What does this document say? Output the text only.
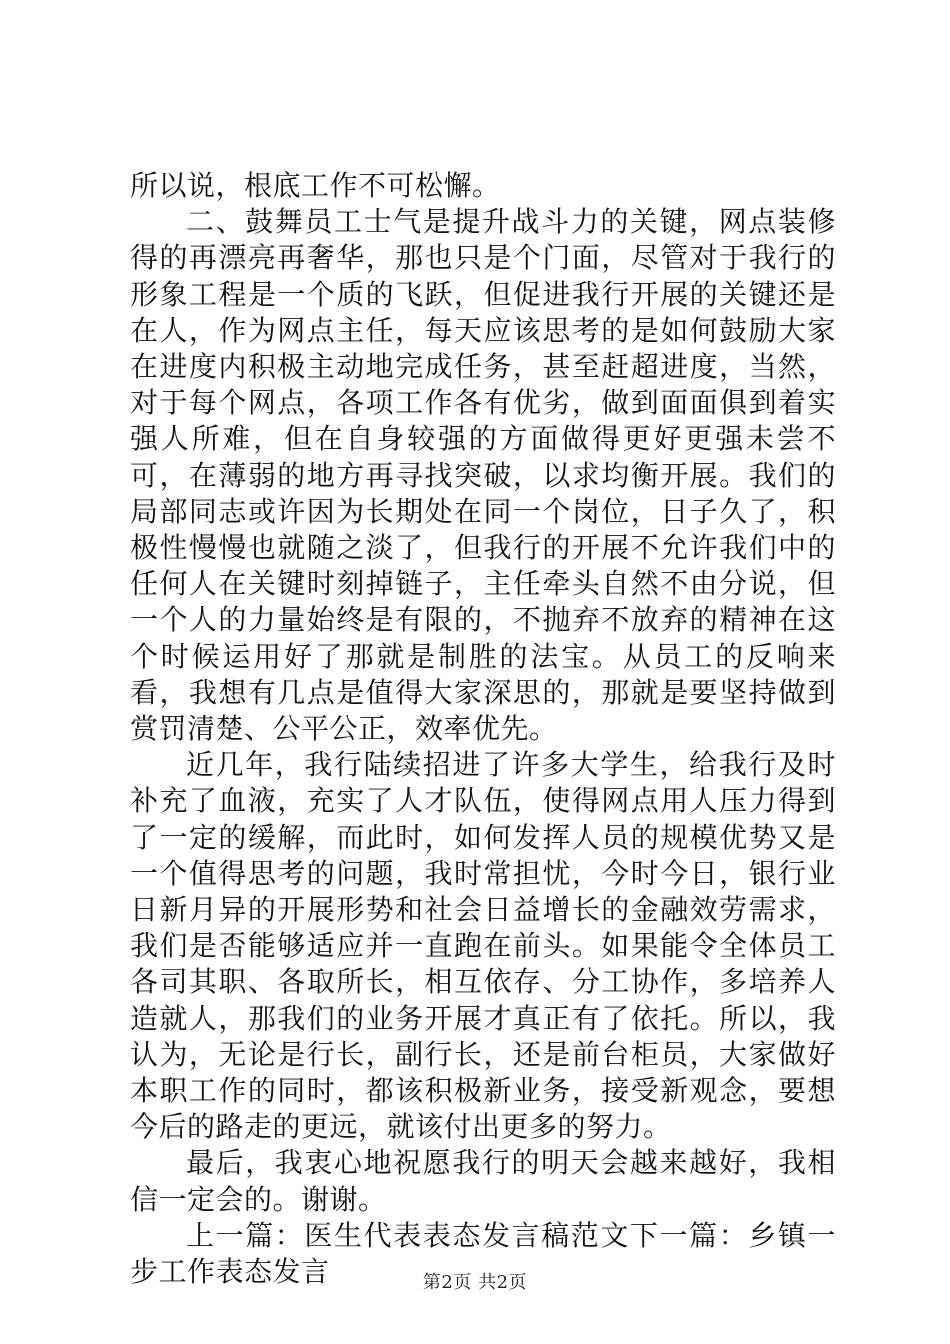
所以说，根底工作不可松懈。

二、鼓舞员工士气是提升战斗力的关键，网点装修得的再漂亮再奢华，那也只是个门面，尽管对于我行的形象工程是一个质的飞跃，但促进我行开展的关键还是在人，作为网点主任，每天应该思考的是如何鼓励大家在进度内积极主动地完成任务，甚至赶超进度，当然，对于每个网点，各项工作各有优劣，做到面面俱到着实强人所难，但在自身较强的方面做得更好更强未尝不可，在薄弱的地方再寻找突破，以求均衡开展。我们的局部同志或许因为长期处在同一个岗位，日子久了，积极性慢慢也就随之淡了，但我行的开展不允许我们中的任何人在关键时刻掉链子，主任牵头自然不由分说，但一个人的力量始终是有限的，不抛弃不放弃的精神在这个时候运用好了那就是制胜的法宝。从员工的反响来看，我想有几点是值得大家深思的，那就是要坚持做到赏罚清楚、公平公正，效率优先。

近几年，我行陆续招进了许多大学生，给我行及时补充了血液，充实了人才队伍，使得网点用人压力得到了一定的缓解，而此时，如何发挥人员的规模优势又是一个值得思考的问题，我时常担忧，今时今日，银行业日新月异的开展形势和社会日益增长的金融效劳需求，我们是否能够适应并一直跑在前头。如果能令全体员工各司其职、各取所长，相互依存、分工协作，多培养人造就人，那我们的业务开展才真正有了依托。所以，我认为，无论是行长，副行长，还是前台柜员，大家做好本职工作的同时，都该积极新业务，接受新观念，要想今后的路走的更远，就该付出更多的努力。

最后，我衷心地祝愿我行的明天会越来越好，我相信一定会的。谢谢。

上一篇：医生代表表态发言稿范文下一篇：乡镇一步工作表态发言	第2页 共2页
